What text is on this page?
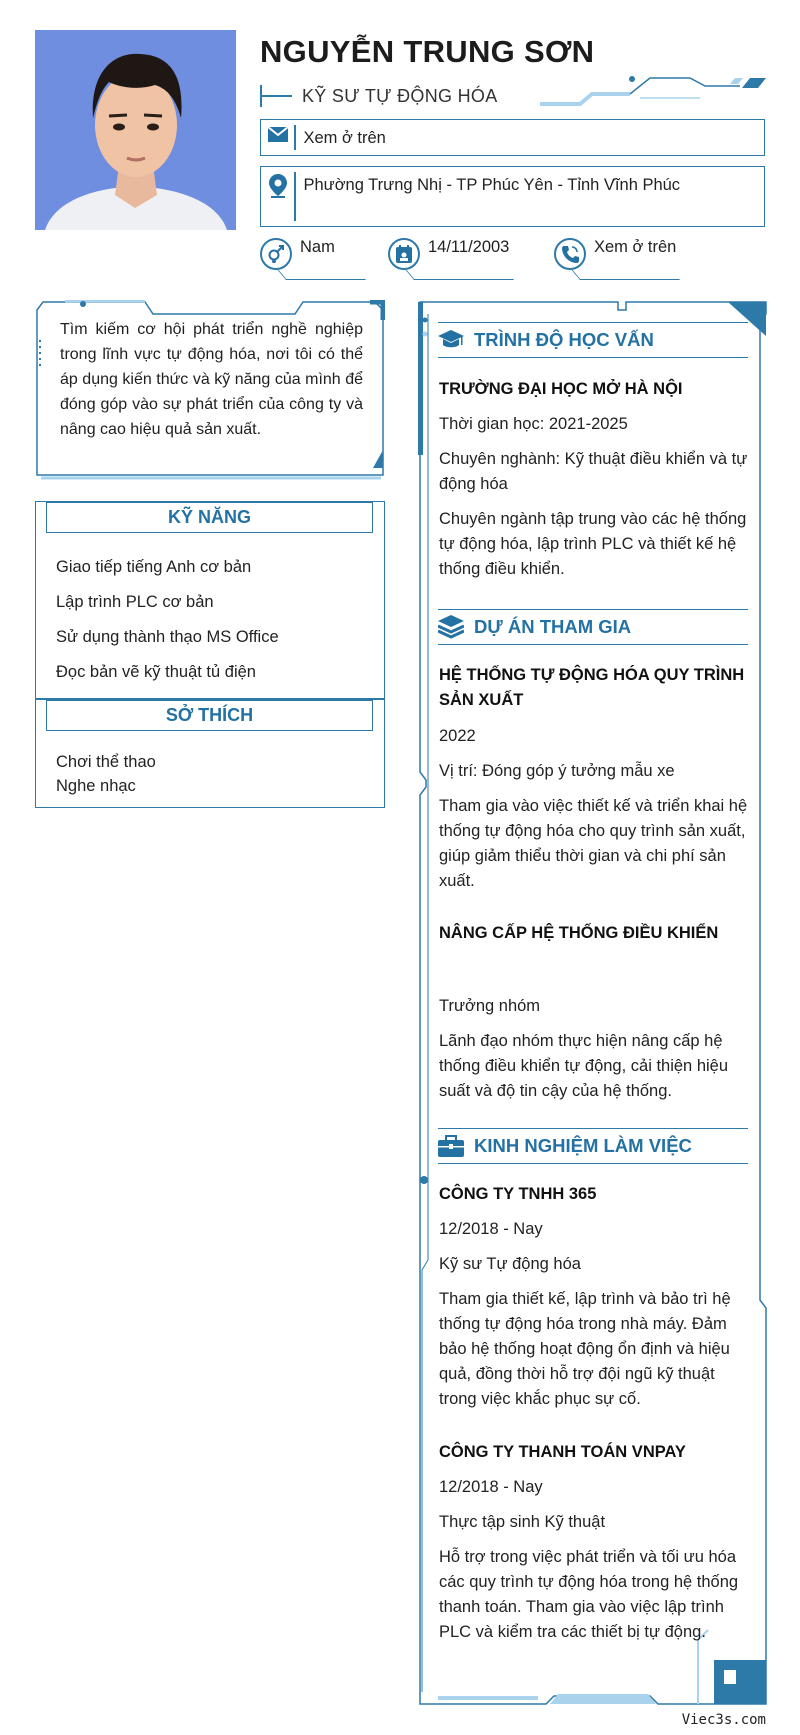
NGUYỄN TRUNG SƠN
KỸ SƯ TỰ ĐỘNG HÓA
Xem ở trên
Phường Trưng Nhị - TP Phúc Yên - Tỉnh Vĩnh Phúc
Nam	14/11/2003	Xem ở trên
Tìm kiếm cơ hội phát triển nghề nghiệp trong lĩnh vực tự động hóa, nơi tôi có thể áp dụng kiến thức và kỹ năng của mình để đóng góp vào sự phát triển của công ty và nâng cao hiệu quả sản xuất.
KỸ NĂNG
Giao tiếp tiếng Anh cơ bản
Lập trình PLC cơ bản
Sử dụng thành thạo MS Office
Đọc bản vẽ kỹ thuật tủ điện
SỞ THÍCH
Chơi thể thao
Nghe nhạc
TRÌNH ĐỘ HỌC VẤN
TRƯỜNG ĐẠI HỌC MỞ HÀ NỘI
Thời gian học: 2021-2025
Chuyên nghành: Kỹ thuật điều khiển và tự động hóa
Chuyên ngành tập trung vào các hệ thống tự động hóa, lập trình PLC và thiết kế hệ thống điều khiển.
DỰ ÁN THAM GIA
HỆ THỐNG TỰ ĐỘNG HÓA QUY TRÌNH SẢN XUẤT
2022
Vị trí: Đóng góp ý tưởng mẫu xe
Tham gia vào việc thiết kế và triển khai hệ thống tự động hóa cho quy trình sản xuất, giúp giảm thiểu thời gian và chi phí sản xuất.
NÂNG CẤP HỆ THỐNG ĐIỀU KHIỂN
Trưởng nhóm
Lãnh đạo nhóm thực hiện nâng cấp hệ thống điều khiển tự động, cải thiện hiệu suất và độ tin cậy của hệ thống.
KINH NGHIỆM LÀM VIỆC
CÔNG TY TNHH 365
12/2018 - Nay
Kỹ sư Tự động hóa
Tham gia thiết kế, lập trình và bảo trì hệ thống tự động hóa trong nhà máy. Đảm bảo hệ thống hoạt động ổn định và hiệu quả, đồng thời hỗ trợ đội ngũ kỹ thuật trong việc khắc phục sự cố.
CÔNG TY THANH TOÁN VNPAY
12/2018 - Nay
Thực tập sinh Kỹ thuật
Hỗ trợ trong việc phát triển và tối ưu hóa các quy trình tự động hóa trong hệ thống thanh toán. Tham gia vào việc lập trình PLC và kiểm tra các thiết bị tự động.
Viec3s.com
